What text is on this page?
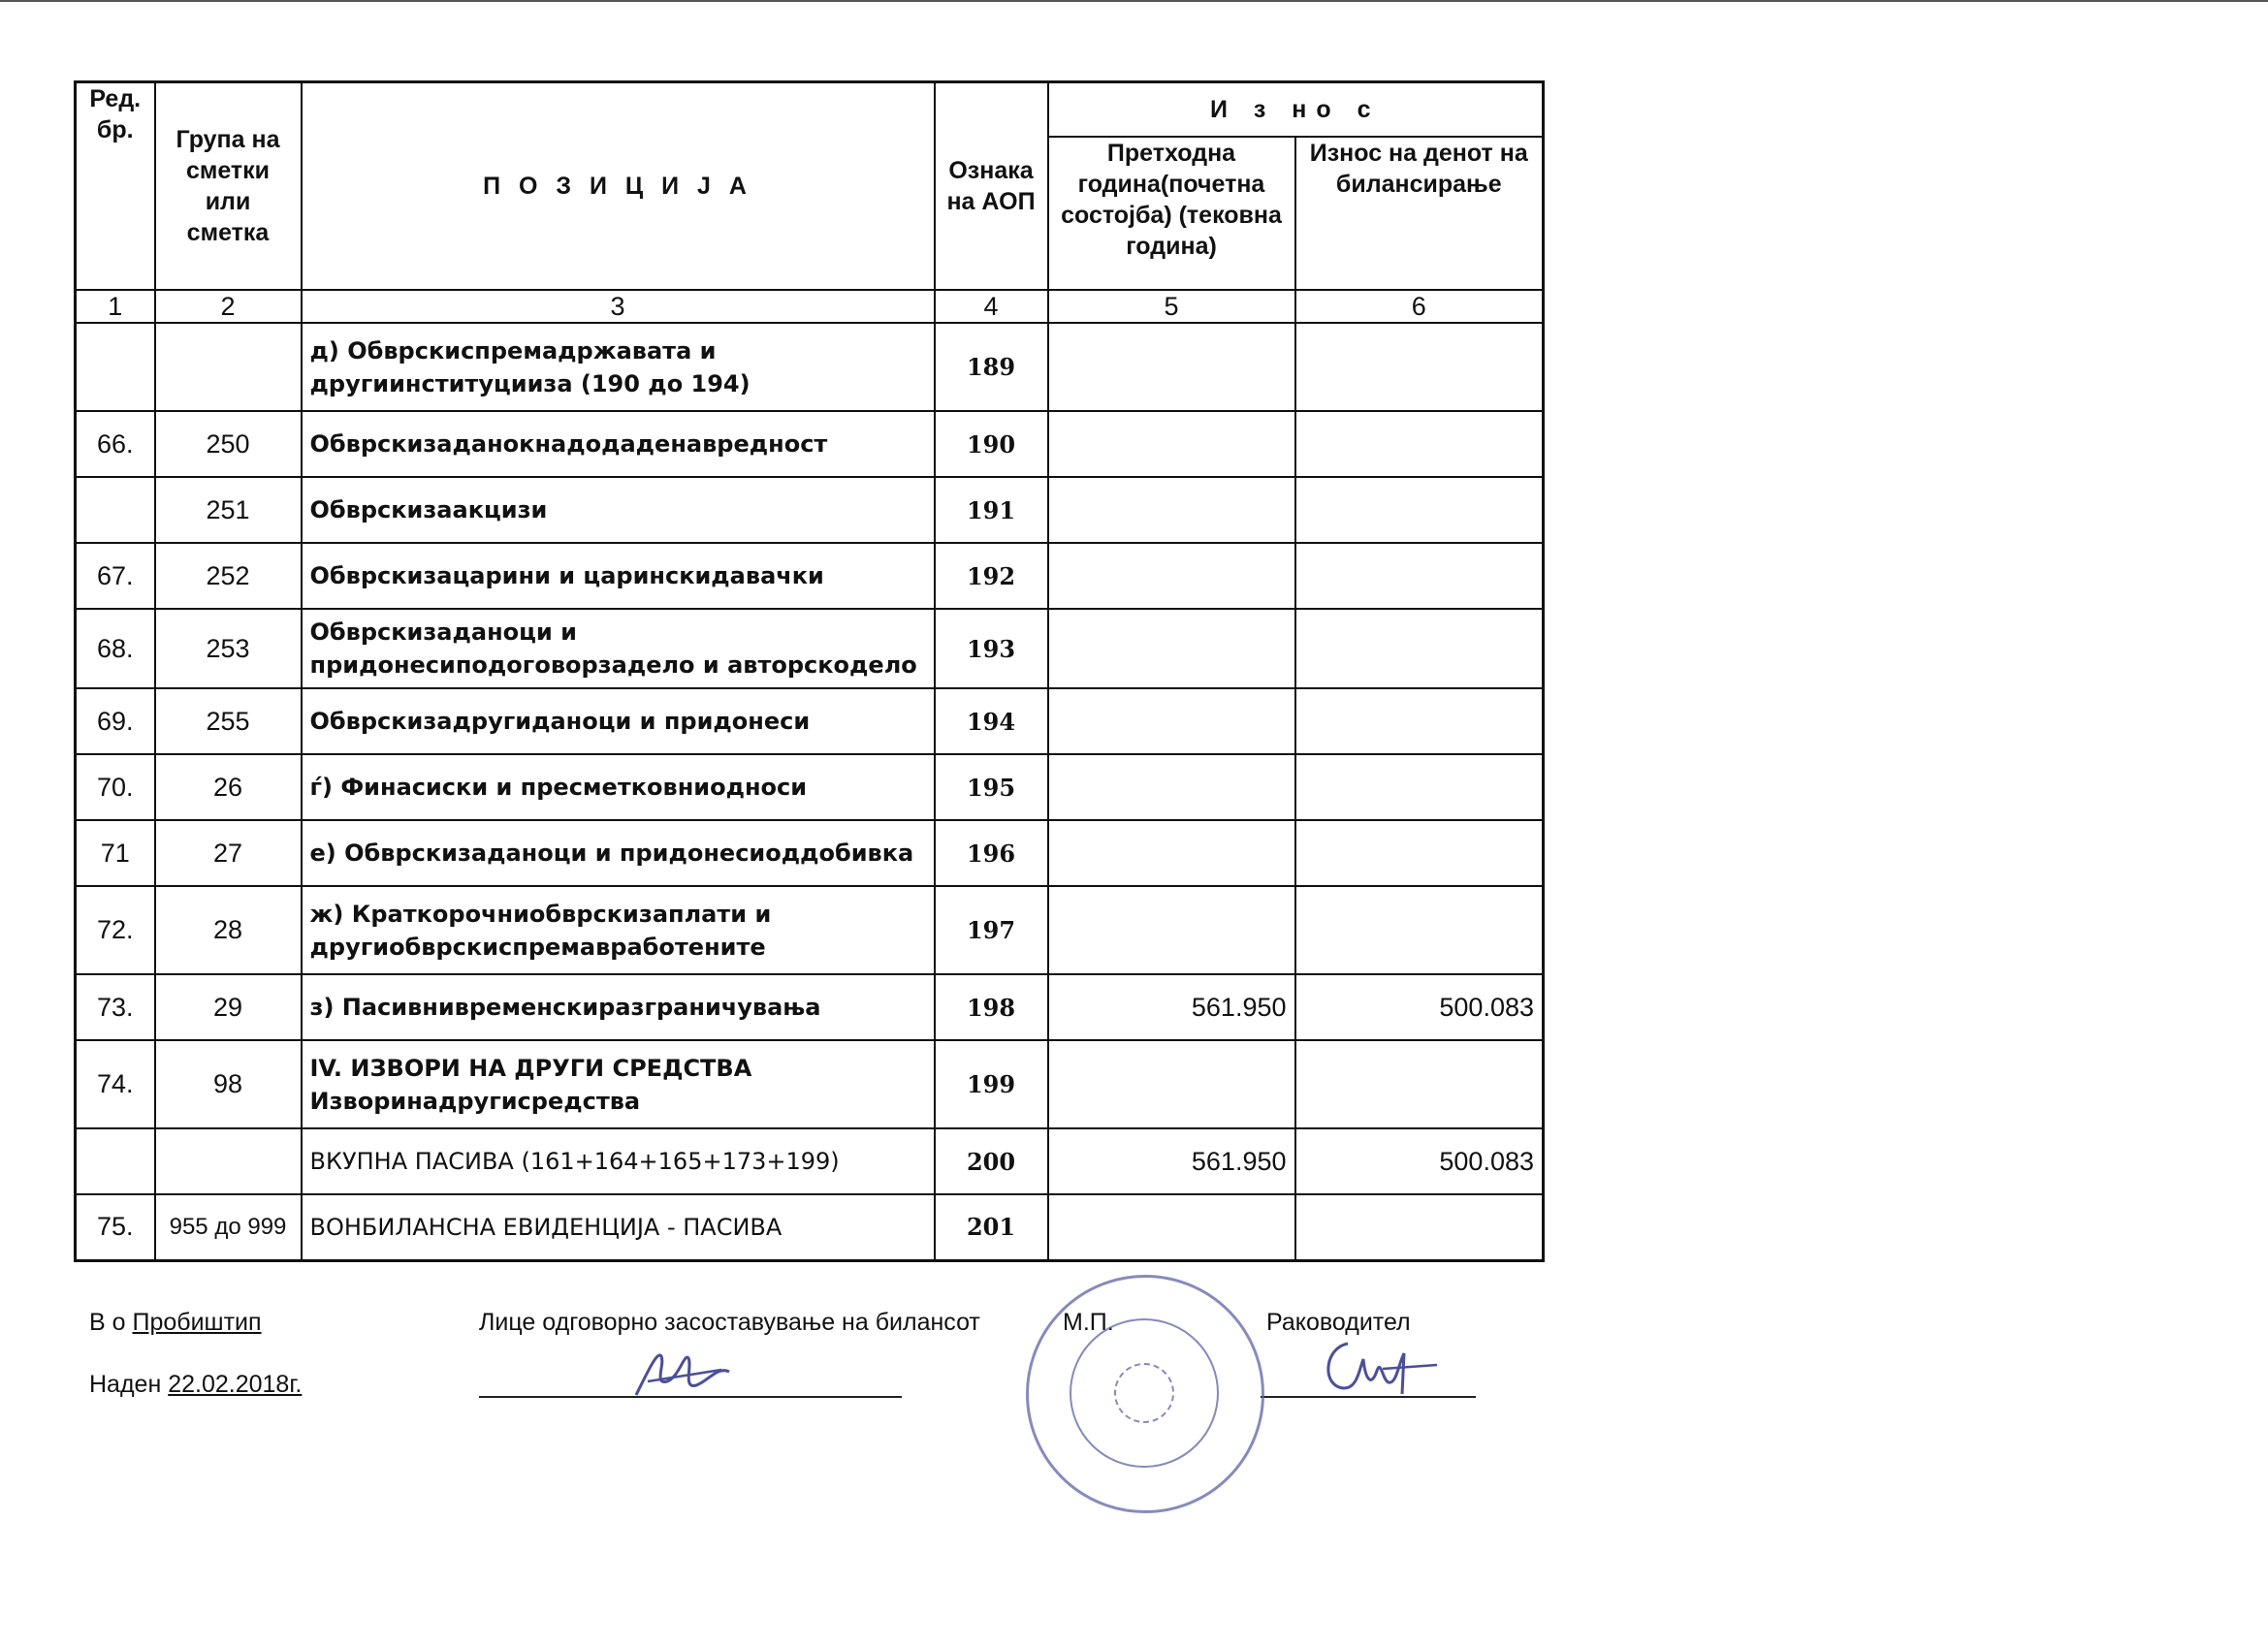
Ред. бр.	Група на сметки или сметка	П О З И Ц И Ј А	Ознака на АОП	И з но с	
				Претходна година(почетна состојба) (тековна година)	Износ на денот на билансирање
1	2	3	4	5	6
		д) Обврскиспремадржавата и другиинституцииза (190 до 194)	189		
66.	250	Обврскизаданокнадодаденавредност	190		
	251	Обврскизаакцизи	191		
67.	252	Обврскизацарини и царинскидавачки	192		
68.	253	Обврскизаданоци и придонесиподоговорзадело и авторскодело	193		
69.	255	Обврскизадругиданоци и придонеси	194		
70.	26	ѓ) Финасиски и пресметковниодноси	195		
71	27	е) Обврскизаданоци и придонесиоддобивка	196		
72.	28	ж) Краткорочниобврскизаплати и другиобврскиспремавработените	197		
73.	29	з) Пасивнивременскиразграничувања	198	561.950	500.083
74.	98	IV. ИЗВОРИ НА ДРУГИ СРЕДСТВА Изворинадругисредства	199		
		ВКУПНА ПАСИВА (161+164+165+173+199)	200	561.950	500.083
75.	955 до 999	ВОНБИЛАНСНА ЕВИДЕНЦИЈА - ПАСИВА	201		
В о Пробиштип
Наден 22.02.2018г.
Лице одговорно засоставување на билансот	М.П.	Раководител
